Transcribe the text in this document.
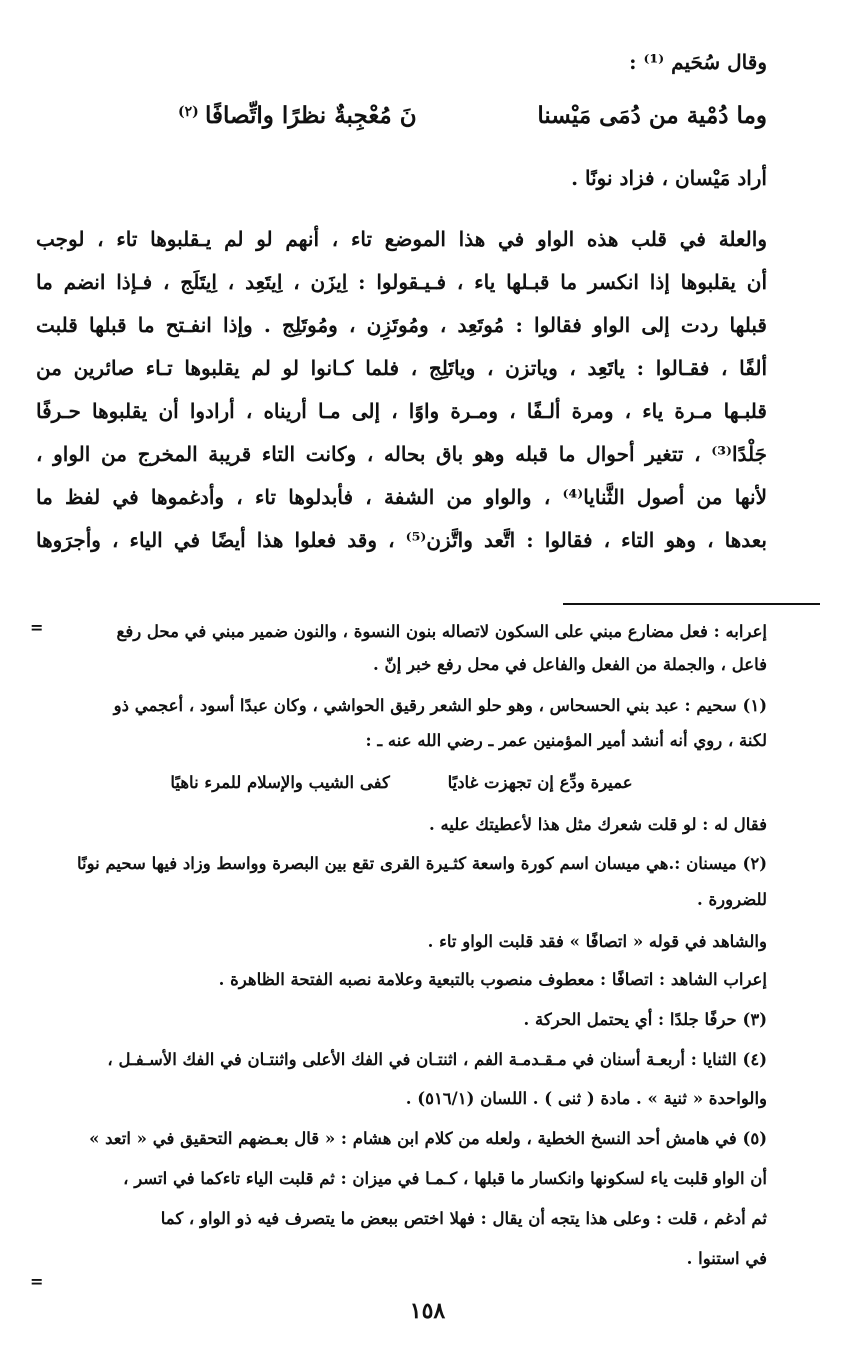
وقال سُحَيم ⁽¹⁾ :
وما دُمْية من دُمَى مَيْسنا
نَ مُعْجِبةٌ نظرًا واتِّصافًا
(٢)
أراد مَيْسان ، فزاد نونًا .
والعلة في قلب هذه الواو في هذا الموضع تاء ، أنهم لو لم يـقلبوها تاء ، لوجب
أن يقلبوها إذا انكسر ما قبـلها ياء ، فـيـقولوا : اِيزَن ، اِيتَعِد ، اِيتَلَج ، فـإذا انضم ما
قبلها ردت إلى الواو فقالوا : مُوتَعِد ، ومُوتَزِن ، ومُوتَلِج . وإذا انفـتح ما قبلها قلبت
ألفًا ، فقـالوا : ياتَعِد ، وياتزن ، وياتَلِج ، فلما كـانوا لو لم يقلبوها تـاء صائرين من
قلبـها مـرة ياء ، ومرة ألـفًا ، ومـرة واوًا ، إلى مـا أريناه ، أرادوا أن يقلبوها حـرفًا
جَلْدًا⁽³⁾ ، تتغير أحوال ما قبله وهو باق بحاله ، وكانت التاء قريبة المخرج من الواو ،
لأنها من أصول الثَّنايا⁽⁴⁾ ، والواو من الشفة ، فأبدلوها تاء ، وأدغموها في لفظ ما
بعدها ، وهو التاء ، فقالوا : اتَّعد واتَّزن⁽⁵⁾ ، وقد فعلوا هذا أيضًا في الياء ، وأجرَوها
إعرابه : فعل مضارع مبني على السكون لاتصاله بنون النسوة ، والنون ضمير مبني في محل رفع
فاعل ، والجملة من الفعل والفاعل في محل رفع خبر إنّ .
(١) سحيم : عبد بني الحسحاس ، وهو حلو الشعر رقيق الحواشي ، وكان عبدًا أسود ، أعجمي ذو
لكنة ، روي أنه أنشد أمير المؤمنين عمر ـ رضي الله عنه ـ :
عميرة ودِّع إن تجهزت غاديًا كفى الشيب والإسلام للمرء ناهيًا
فقال له : لو قلت شعرك مثل هذا لأعطيتك عليه .
(٢) ميسنان :.هي ميسان اسم كورة واسعة كثـيرة القرى تقع بين البصرة وواسط وزاد فيها سحيم نونًا
للضرورة .
والشاهد في قوله « اتصافًا » فقد قلبت الواو تاء .
إعراب الشاهد : اتصافًا : معطوف منصوب بالتبعية وعلامة نصبه الفتحة الظاهرة .
(٣) حرفًا جلدًا : أي يحتمل الحركة .
(٤) الثنايا : أربعـة أسنان في مـقـدمـة الفم ، اثنتـان في الفك الأعلى واثنتـان في الفك الأسـفـل ،
والواحدة « ثنية » . مادة ( ثنى ) . اللسان (٥١٦/١) .
(٥) في هامش أحد النسخ الخطية ، ولعله من كلام ابن هشام : « قال بعـضهم التحقيق في « اتعد »
أن الواو قلبت ياء لسكونها وانكسار ما قبلها ، كـمـا في ميزان : ثم قلبت الياء تاءكما في اتسر ،
ثم أدغم ، قلت : وعلى هذا يتجه أن يقال : فهلا اختص ببعض ما يتصرف فيه ذو الواو ، كما
في استنوا .
=
=
١٥٨
